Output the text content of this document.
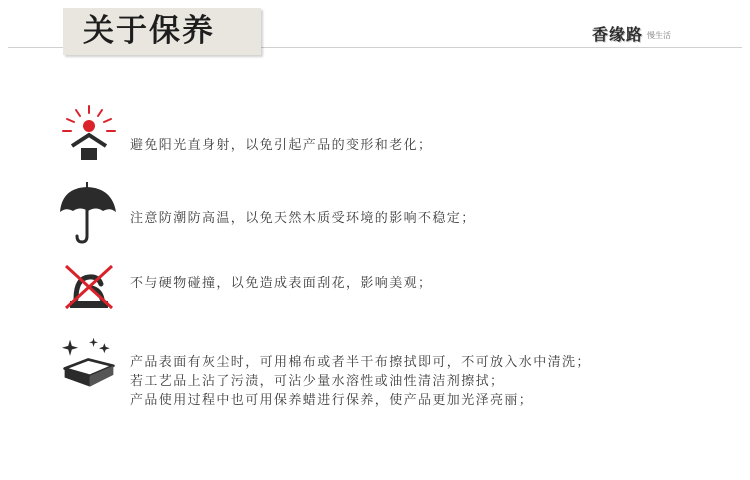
关于保养	香缘路 慢生活
避免阳光直身射，以免引起产品的变形和老化；
注意防潮防高温，以免天然木质受环境的影响不稳定；
不与硬物碰撞，以免造成表面刮花，影响美观；
产品表面有灰尘时，可用棉布或者半干布擦拭即可，不可放入水中清洗；
若工艺品上沾了污渍，可沾少量水溶性或油性清洁剂擦拭；
产品使用过程中也可用保养蜡进行保养，使产品更加光泽亮丽；
